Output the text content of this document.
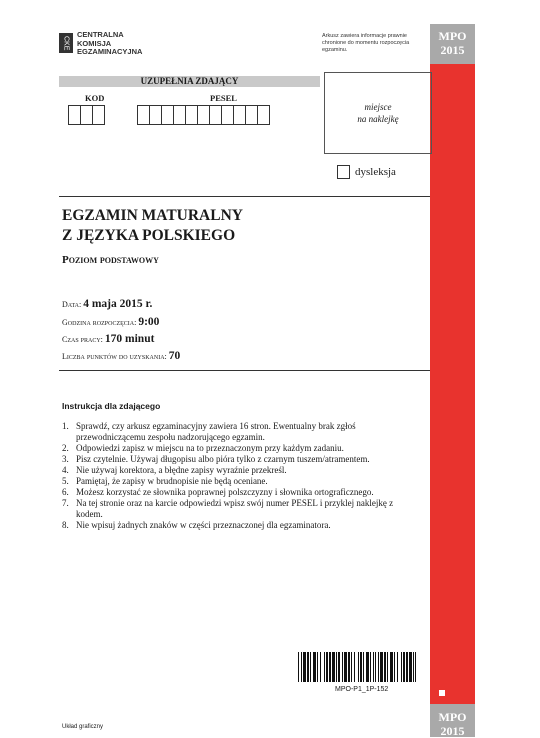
CKE
CENTRALNA
KOMISJA
EGZAMINACYJNA
Arkusz zawiera informacje prawnie chronione do momentu rozpoczęcia egzaminu.
MPO
2015
MPO
2015
UZUPEŁNIA ZDAJĄCY
KOD	PESEL
miejsce
na naklejkę
dysleksja
EGZAMIN MATURALNY
Z JĘZYKA POLSKIEGO
Poziom podstawowy
Data: 4 maja 2015 r.
Godzina rozpoczęcia: 9:00
Czas pracy: 170 minut
Liczba punktów do uzyskania: 70
Instrukcja dla zdającego
1. Sprawdź, czy arkusz egzaminacyjny zawiera 16 stron. Ewentualny brak zgłoś przewodniczącemu zespołu nadzorującego egzamin.
2. Odpowiedzi zapisz w miejscu na to przeznaczonym przy każdym zadaniu.
3. Pisz czytelnie. Używaj długopisu albo pióra tylko z czarnym tuszem/atramentem.
4. Nie używaj korektora, a błędne zapisy wyraźnie przekreśl.
5. Pamiętaj, że zapisy w brudnopisie nie będą oceniane.
6. Możesz korzystać ze słownika poprawnej polszczyzny i słownika ortograficznego.
7. Na tej stronie oraz na karcie odpowiedzi wpisz swój numer PESEL i przyklej naklejkę z kodem.
8. Nie wpisuj żadnych znaków w części przeznaczonej dla egzaminatora.
MPO-P1_1P-152
Układ graficzny
